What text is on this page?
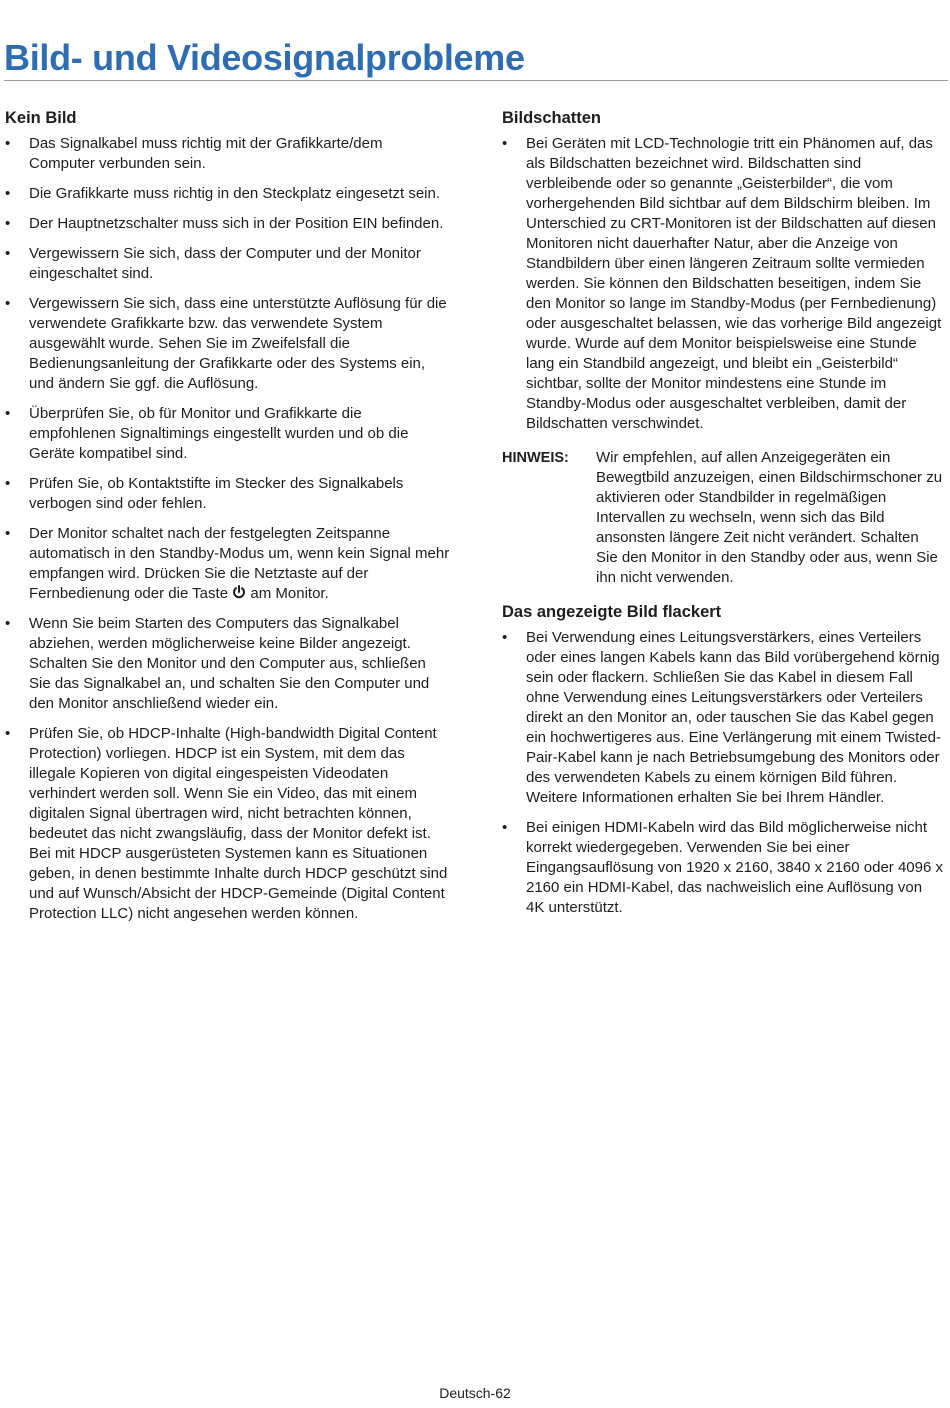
Bild- und Videosignalprobleme
Kein Bild
• Das Signalkabel muss richtig mit der Grafikkarte/dem Computer verbunden sein.
• Die Grafikkarte muss richtig in den Steckplatz eingesetzt sein.
• Der Hauptnetzschalter muss sich in der Position EIN befinden.
• Vergewissern Sie sich, dass der Computer und der Monitor eingeschaltet sind.
• Vergewissern Sie sich, dass eine unterstützte Auflösung für die verwendete Grafikkarte bzw. das verwendete System ausgewählt wurde. Sehen Sie im Zweifelsfall die Bedienungsanleitung der Grafikkarte oder des Systems ein, und ändern Sie ggf. die Auflösung.
• Überprüfen Sie, ob für Monitor und Grafikkarte die empfohlenen Signaltimings eingestellt wurden und ob die Geräte kompatibel sind.
• Prüfen Sie, ob Kontaktstifte im Stecker des Signalkabels verbogen sind oder fehlen.
• Der Monitor schaltet nach der festgelegten Zeitspanne automatisch in den Standby-Modus um, wenn kein Signal mehr empfangen wird. Drücken Sie die Netztaste auf der Fernbedienung oder die Taste  am Monitor.
• Wenn Sie beim Starten des Computers das Signalkabel abziehen, werden möglicherweise keine Bilder angezeigt. Schalten Sie den Monitor und den Computer aus, schließen Sie das Signalkabel an, und schalten Sie den Computer und den Monitor anschließend wieder ein.
• Prüfen Sie, ob HDCP-Inhalte (High-bandwidth Digital Content Protection) vorliegen. HDCP ist ein System, mit dem das illegale Kopieren von digital eingespeisten Videodaten verhindert werden soll. Wenn Sie ein Video, das mit einem digitalen Signal übertragen wird, nicht betrachten können, bedeutet das nicht zwangsläufig, dass der Monitor defekt ist. Bei mit HDCP ausgerüsteten Systemen kann es Situationen geben, in denen bestimmte Inhalte durch HDCP geschützt sind und auf Wunsch/Absicht der HDCP-Gemeinde (Digital Content Protection LLC) nicht angesehen werden können.
Bildschatten
• Bei Geräten mit LCD-Technologie tritt ein Phänomen auf, das als Bildschatten bezeichnet wird. Bildschatten sind verbleibende oder so genannte „Geisterbilder“, die vom vorhergehenden Bild sichtbar auf dem Bildschirm bleiben. Im Unterschied zu CRT-Monitoren ist der Bildschatten auf diesen Monitoren nicht dauerhafter Natur, aber die Anzeige von Standbildern über einen längeren Zeitraum sollte vermieden werden. Sie können den Bildschatten beseitigen, indem Sie den Monitor so lange im Standby-Modus (per Fernbedienung) oder ausgeschaltet belassen, wie das vorherige Bild angezeigt wurde. Wurde auf dem Monitor beispielsweise eine Stunde lang ein Standbild angezeigt, und bleibt ein „Geisterbild“ sichtbar, sollte der Monitor mindestens eine Stunde im Standby-Modus oder ausgeschaltet verbleiben, damit der Bildschatten verschwindet.
HINWEIS:	Wir empfehlen, auf allen Anzeigegeräten ein Bewegtbild anzuzeigen, einen Bildschirmschoner zu aktivieren oder Standbilder in regelmäßigen Intervallen zu wechseln, wenn sich das Bild ansonsten längere Zeit nicht verändert. Schalten Sie den Monitor in den Standby oder aus, wenn Sie ihn nicht verwenden.
Das angezeigte Bild flackert
• Bei Verwendung eines Leitungsverstärkers, eines Verteilers oder eines langen Kabels kann das Bild vorübergehend körnig sein oder flackern. Schließen Sie das Kabel in diesem Fall ohne Verwendung eines Leitungsverstärkers oder Verteilers direkt an den Monitor an, oder tauschen Sie das Kabel gegen ein hochwertigeres aus. Eine Verlängerung mit einem Twisted-Pair-Kabel kann je nach Betriebsumgebung des Monitors oder des verwendeten Kabels zu einem körnigen Bild führen. Weitere Informationen erhalten Sie bei Ihrem Händler.
• Bei einigen HDMI-Kabeln wird das Bild möglicherweise nicht korrekt wiedergegeben. Verwenden Sie bei einer Eingangsauflösung von 1920 x 2160, 3840 x 2160 oder 4096 x 2160 ein HDMI-Kabel, das nachweislich eine Auflösung von 4K unterstützt.
Deutsch-62
